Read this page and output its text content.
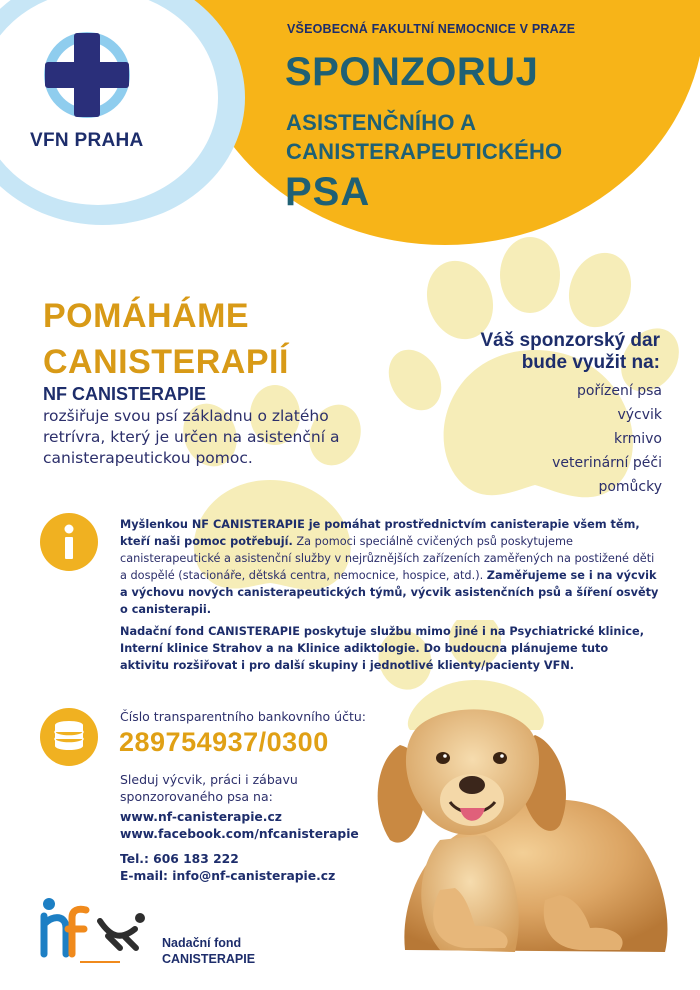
VFN PRAHA
VŠEOBECNÁ FAKULTNÍ NEMOCNICE V PRAZE
SPONZORUJ
ASISTENČNÍHO A
CANISTERAPEUTICKÉHO
PSA
POMÁHÁME
CANISTERAPIÍ
NF CANISTERAPIE
rozšiřuje svou psí základnu o zlatého retrívra, který je určen na asistenční a canisterapeutickou pomoc.
Váš sponzorský dar
bude využit na:
pořízení psa
výcvik
krmivo
veterinární péči
pomůcky

Myšlenkou NF CANISTERAPIE je pomáhat prostřednictvím canisterapie všem těm, kteří naši pomoc potřebují. Za pomoci speciálně cvičených psů poskytujeme canisterapeutické a asistenční služby v nejrůznějších zařízeních zaměřených na postižené děti a dospělé (stacionáře, dětská centra, nemocnice, hospice, atd.). Zaměřujeme se i na výcvik a výchovu nových canisterapeutických týmů, výcvik asistenčních psů a šíření osvěty o canisterapii.

Nadační fond CANISTERAPIE poskytuje službu mimo jiné i na Psychiatrické klinice, Interní klinice Strahov a na Klinice adiktologie. Do budoucna plánujeme tuto aktivitu rozšiřovat i pro další skupiny i jednotlivé klienty/pacienty VFN.

Číslo transparentního bankovního účtu:
289754937/0300
Sleduj výcvik, práci i zábavu sponzorovaného psa na:
www.nf-canisterapie.cz
www.facebook.com/nfcanisterapie
Tel.: 606 183 222
E-mail: info@nf-canisterapie.cz
Nadační fond
CANISTERAPIE
